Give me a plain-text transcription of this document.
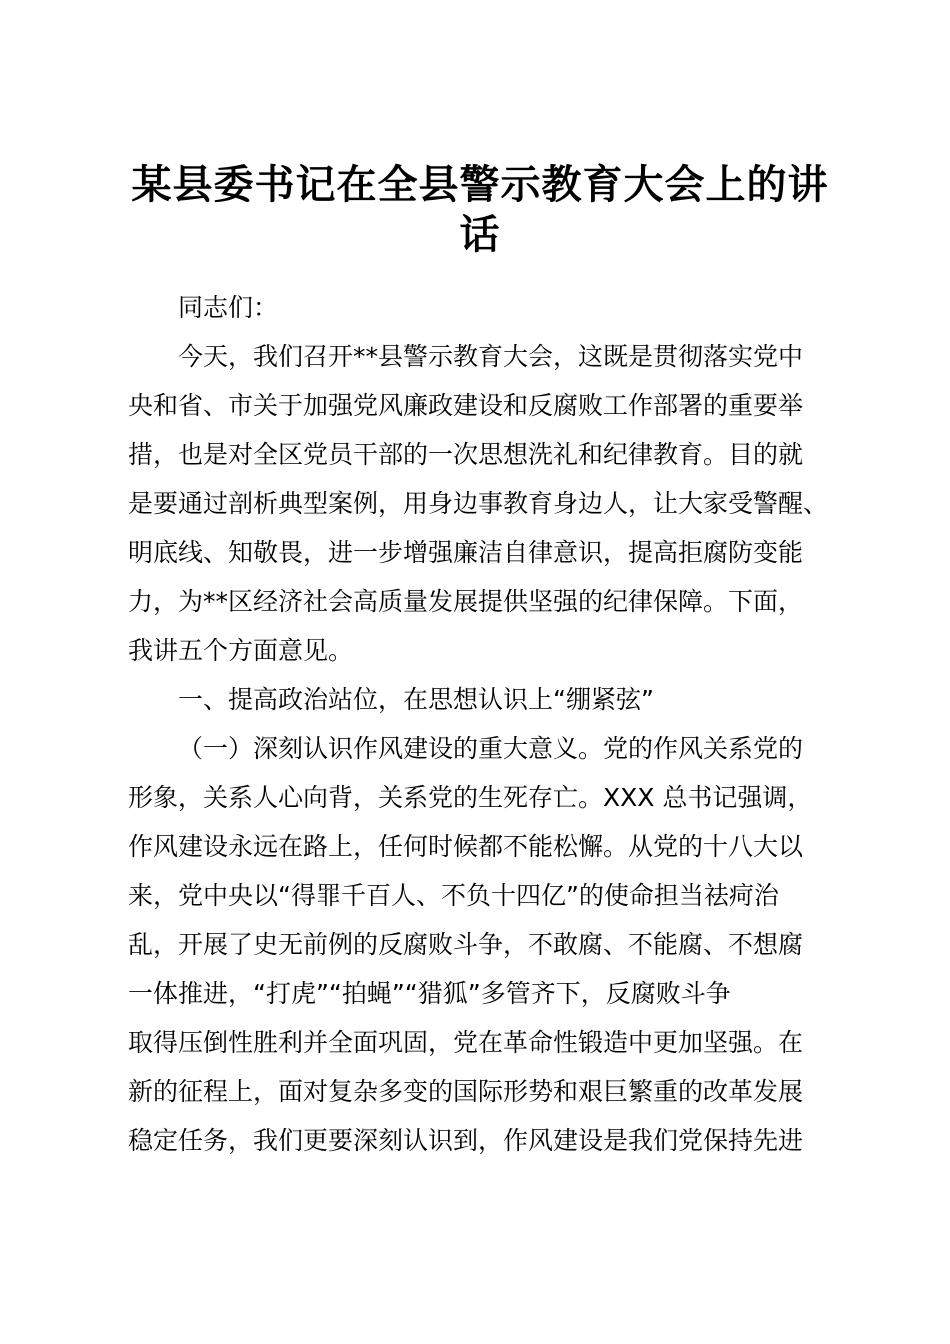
某县委书记在全县警示教育大会上的讲话
同志们：
今天，我们召开**县警示教育大会，这既是贯彻落实党中
央和省、市关于加强党风廉政建设和反腐败工作部署的重要举
措，也是对全区党员干部的一次思想洗礼和纪律教育。目的就
是要通过剖析典型案例，用身边事教育身边人，让大家受警醒、
明底线、知敬畏，进一步增强廉洁自律意识，提高拒腐防变能
力，为**区经济社会高质量发展提供坚强的纪律保障。下面，
我讲五个方面意见。
一、提高政治站位，在思想认识上“绷紧弦”
（一）深刻认识作风建设的重大意义。党的作风关系党的
形象，关系人心向背，关系党的生死存亡。XXX 总书记强调，
作风建设永远在路上，任何时候都不能松懈。从党的十八大以
来，党中央以“得罪千百人、不负十四亿”的使命担当祛疴治
乱，开展了史无前例的反腐败斗争，不敢腐、不能腐、不想腐
一体推进，“打虎”“拍蝇”“猎狐”多管齐下，反腐败斗争
取得压倒性胜利并全面巩固，党在革命性锻造中更加坚强。在
新的征程上，面对复杂多变的国际形势和艰巨繁重的改革发展
稳定任务，我们更要深刻认识到，作风建设是我们党保持先进
